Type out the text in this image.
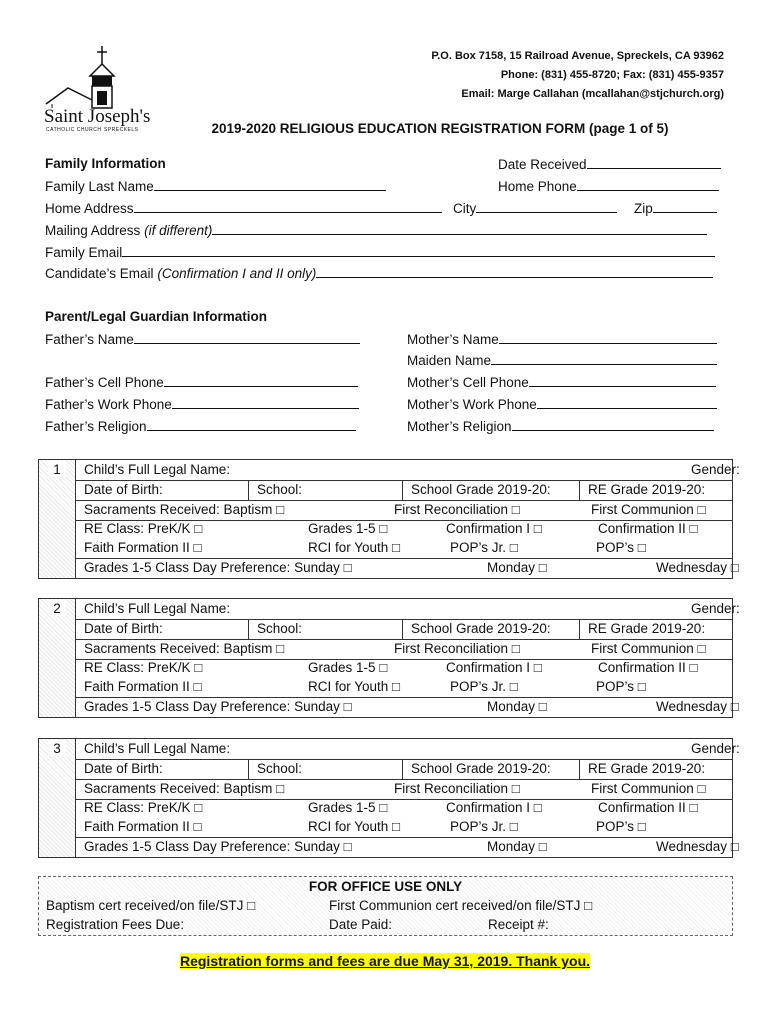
Saint Joseph's
CATHOLIC CHURCH SPRECKELS
P.O. Box 7158, 15 Railroad Avenue, Spreckels, CA 93962
Phone: (831) 455-8720; Fax: (831) 455-9357
Email: Marge Callahan (mcallahan@stjchurch.org)
2019-2020 RELIGIOUS EDUCATION REGISTRATION FORM (page 1 of 5)
Family Information	Date Received
Family Last Name	Home Phone
Home Address	City	Zip
Mailing Address (if different)
Family Email
Candidate’s Email (Confirmation I and II only)
Parent/Legal Guardian Information
Father’s Name	Mother’s Name
Maiden Name
Father’s Cell Phone	Mother’s Cell Phone
Father’s Work Phone	Mother’s Work Phone
Father’s Religion	Mother’s Religion
1	Child’s Full Legal Name:	Gender:
Date of Birth:	School:	School Grade 2019-20:	RE Grade 2019-20:
Sacraments Received: Baptism □	First Reconciliation □	First Communion □
RE Class: PreK/K □	Grades 1-5 □	Confirmation I □	Confirmation II □
Faith Formation II □	RCI for Youth □	POP’s Jr. □	POP’s □
Grades 1-5 Class Day Preference: Sunday □	Monday □	Wednesday □
2	Child’s Full Legal Name:	Gender:
Date of Birth:	School:	School Grade 2019-20:	RE Grade 2019-20:
Sacraments Received: Baptism □	First Reconciliation □	First Communion □
RE Class: PreK/K □	Grades 1-5 □	Confirmation I □	Confirmation II □
Faith Formation II □	RCI for Youth □	POP’s Jr. □	POP’s □
Grades 1-5 Class Day Preference: Sunday □	Monday □	Wednesday □
3	Child’s Full Legal Name:	Gender:
Date of Birth:	School:	School Grade 2019-20:	RE Grade 2019-20:
Sacraments Received: Baptism □	First Reconciliation □	First Communion □
RE Class: PreK/K □	Grades 1-5 □	Confirmation I □	Confirmation II □
Faith Formation II □	RCI for Youth □	POP’s Jr. □	POP’s □
Grades 1-5 Class Day Preference: Sunday □	Monday □	Wednesday □
FOR OFFICE USE ONLY
Baptism cert received/on file/STJ □	First Communion cert received/on file/STJ □
Registration Fees Due:	Date Paid:	Receipt #:
Registration forms and fees are due May 31, 2019. Thank you.
